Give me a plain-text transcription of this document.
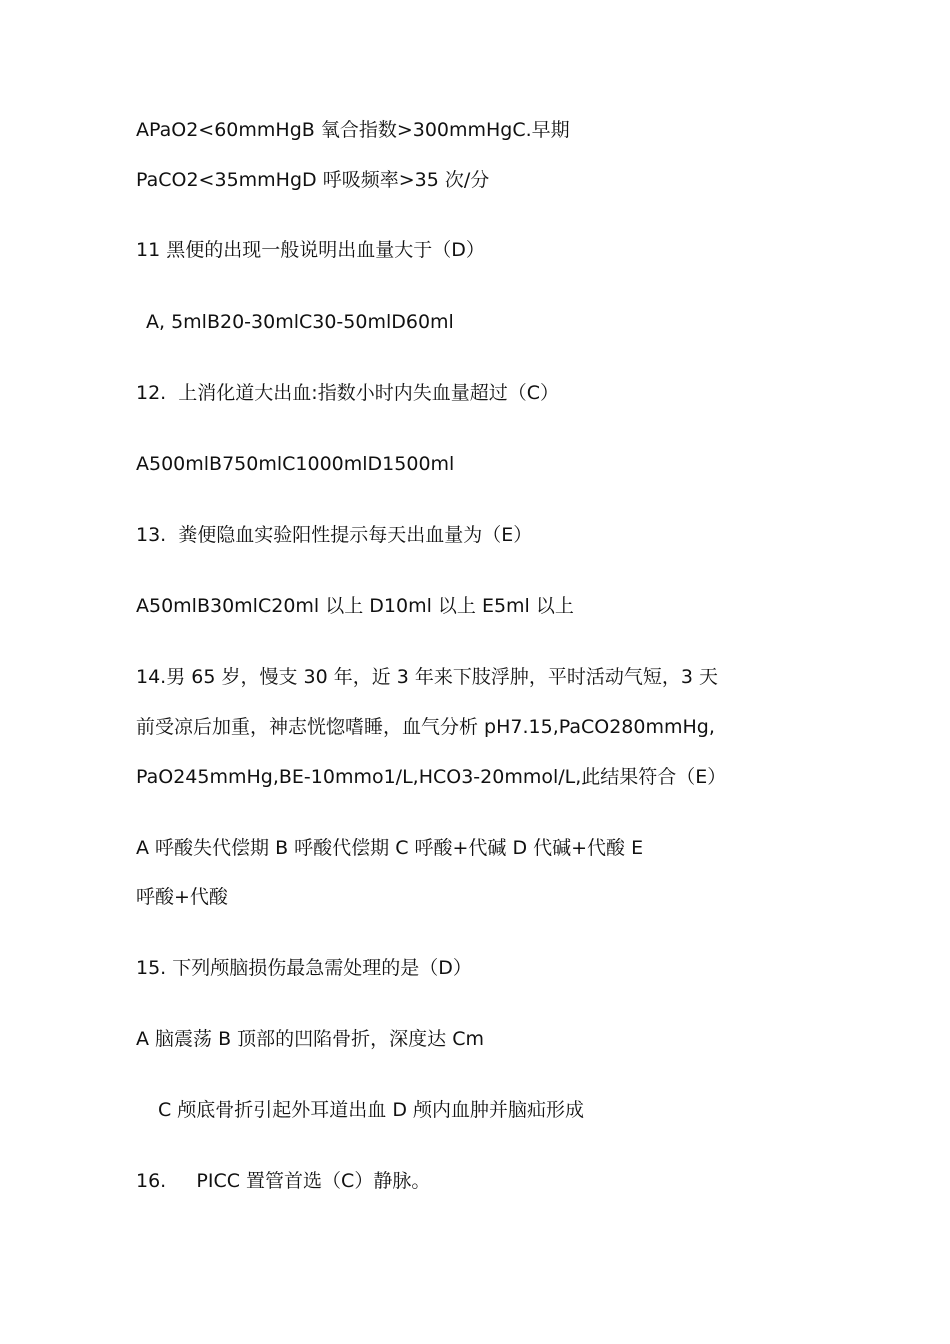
APaO2<60mmHgB 氧合指数>300mmHgC.早期
PaCO2<35mmHgD 呼吸频率>35 次/分
11 黑便的出现一般说明出血量大于（D）
A, 5mlB20-30mlC30-50mlD60ml
12.  上消化道大出血:指数小时内失血量超过（C）
A500mlB750mlC1000mlD1500ml
13.  粪便隐血实验阳性提示每天出血量为（E）
A50mlB30mlC20ml 以上 D10ml 以上 E5ml 以上
14.男 65 岁，慢支 30 年，近 3 年来下肢浮肿，平时活动气短，3 天
前受凉后加重，神志恍惚嗜睡，血气分析 pH7.15,PaCO280mmHg,
PaO245mmHg,BE-10mmo1/L,HCO3-20mmol/L,此结果符合（E）
A 呼酸失代偿期 B 呼酸代偿期 C 呼酸+代碱 D 代碱+代酸 E
呼酸+代酸
15. 下列颅脑损伤最急需处理的是（D）
A 脑震荡 B 顶部的凹陷骨折，深度达 Cm
C 颅底骨折引起外耳道出血 D 颅内血肿并脑疝形成
16.     PICC 置管首选（C）静脉。
